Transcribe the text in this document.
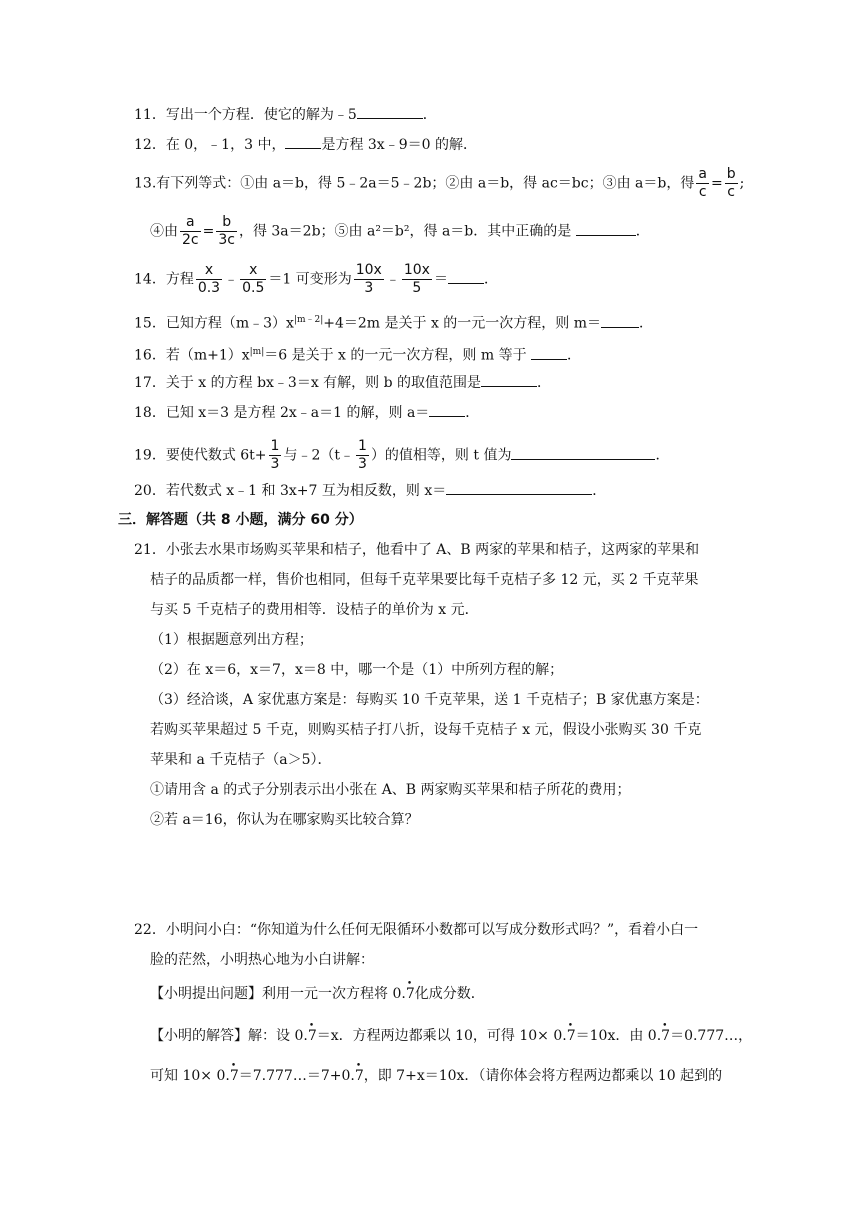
11．写出一个方程．使它的解为﹣5	．
12．在 0，﹣1，3 中，	是方程 3x﹣9＝0 的解．
13.有下列等式：①由 a＝b，得 5﹣2a＝5﹣2b；②由 a＝b，得 ac＝bc；③由 a＝b，得 $\frac{a}{c} = \frac{b}{c}$ ;
④由 $\frac{a}{2c} = \frac{b}{3c}$ ，得 3a＝2b；⑤由 a²＝b²，得 a＝b．其中正确的是	．
14．方程 $\frac{x}{0.3}$ ﹣ $\frac{x}{0.5} =1$ 可变形为 $\frac{10x}{3}$ ﹣ $\frac{10x}{5}$ ＝	．
15．已知方程$(m﹣3)x^{|m﹣2|}+4=2m$ 是关于 x 的一元一次方程，则 m＝	．
16．若$(m+1)x^{|m|}=6$ 是关于 x 的一元一次方程，则 m 等于	．
17．关于 x 的方程 bx﹣3＝x 有解，则 b 的取值范围是	．
18．已知 x＝3 是方程 2x﹣a＝1 的解，则 a＝	．
19．要使代数式 $6t+ \frac{1}{3}$ 与﹣2（t﹣ $\frac{1}{3}$ ）的值相等，则 t 值为	．
20．若代数式 x﹣1 和 3x+7 互为相反数，则 x＝	．
三．解答题（共 8 小题，满分 60 分）
21．小张去水果市场购买苹果和桔子，他看中了 A、B 两家的苹果和桔子，这两家的苹果和
桔子的品质都一样，售价也相同，但每千克苹果要比每千克桔子多 12 元，买 2 千克苹果
与买 5 千克桔子的费用相等．设桔子的单价为 x 元．
（1）根据题意列出方程；
（2）在 x＝6，x＝7，x＝8 中，哪一个是（1）中所列方程的解；
（3）经洽谈，A 家优惠方案是：每购买 10 千克苹果，送 1 千克桔子；B 家优惠方案是：
若购买苹果超过 5 千克，则购买桔子打八折，设每千克桔子 x 元，假设小张购买 30 千克
苹果和 a 千克桔子（a＞5）．
①请用含 a 的式子分别表示出小张在 A、B 两家购买苹果和桔子所花的费用；
②若 a＝16，你认为在哪家购买比较合算？
22．小明问小白：“你知道为什么任何无限循环小数都可以写成分数形式吗？”，看着小白一
脸的茫然，小明热心地为小白讲解：
【小明提出问题】利用一元一次方程将 0.7 •化成分数．
【小明的解答】解：设 0.7 •＝x．方程两边都乘以 10，可得 10× 0.7 •＝10x．由 0.7 •＝0.777…，
可知 10× 0.7 •＝7.777…＝7+0.7 •，即 7+x＝10x．（请你体会将方程两边都乘以 10 起到的
